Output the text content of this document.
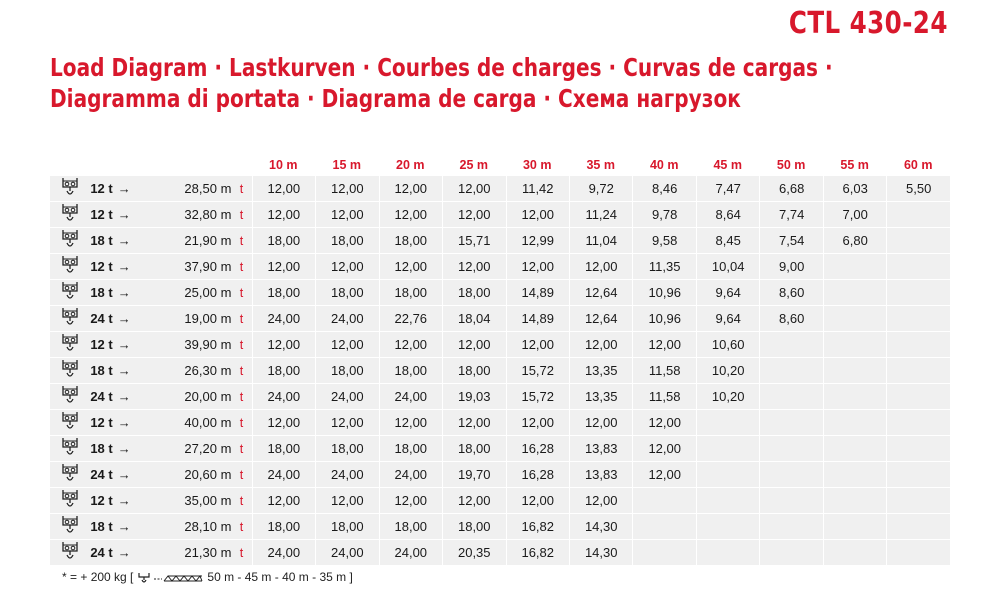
CTL 430-24
Load Diagram · Lastkurven · Courbes de charges · Curvas de cargas ·
Diagramma di portata · Diagrama de carga · Схема нагрузок
				10 m	15 m	20 m	25 m	30 m	35 m	40 m	45 m	50 m	55 m	60 m
	12 t →	28,50 m	t	12,00	12,00	12,00	12,00	11,42	9,72	8,46	7,47	6,68	6,03	5,50
	12 t →	32,80 m	t	12,00	12,00	12,00	12,00	12,00	11,24	9,78	8,64	7,74	7,00	
	18 t →	21,90 m	t	18,00	18,00	18,00	15,71	12,99	11,04	9,58	8,45	7,54	6,80	
	12 t →	37,90 m	t	12,00	12,00	12,00	12,00	12,00	12,00	11,35	10,04	9,00		
	18 t →	25,00 m	t	18,00	18,00	18,00	18,00	14,89	12,64	10,96	9,64	8,60

	24 t →	19,00 m	t	24,00	24,00	22,76	18,04	14,89	12,64	10,96	9,64	8,60		
	12 t →	39,90 m	t	12,00	12,00	12,00	12,00	12,00	12,00	12,00	10,60			
	18 t →	26,30 m	t	18,00	18,00	18,00	18,00	15,72	13,35	11,58	10,20

	24 t →	20,00 m	t	24,00	24,00	24,00	19,03	15,72	13,35	11,58	10,20			
	12 t →	40,00 m	t	12,00	12,00	12,00	12,00	12,00	12,00	12,00				
	18 t →	27,20 m	t	18,00	18,00	18,00	18,00	16,28	13,83	12,00

	24 t →	20,60 m	t	24,00	24,00	24,00	19,70	16,28	13,83	12,00				
	12 t →	35,00 m	t	12,00	12,00	12,00	12,00	12,00	12,00					
	18 t →	28,10 m	t	18,00	18,00	18,00	18,00	16,82	14,30

	24 t →	21,30 m	t	24,00	24,00	24,00	20,35	16,82	14,30					
* = + 200 kg [	50 m - 45 m - 40 m - 35 m ]
